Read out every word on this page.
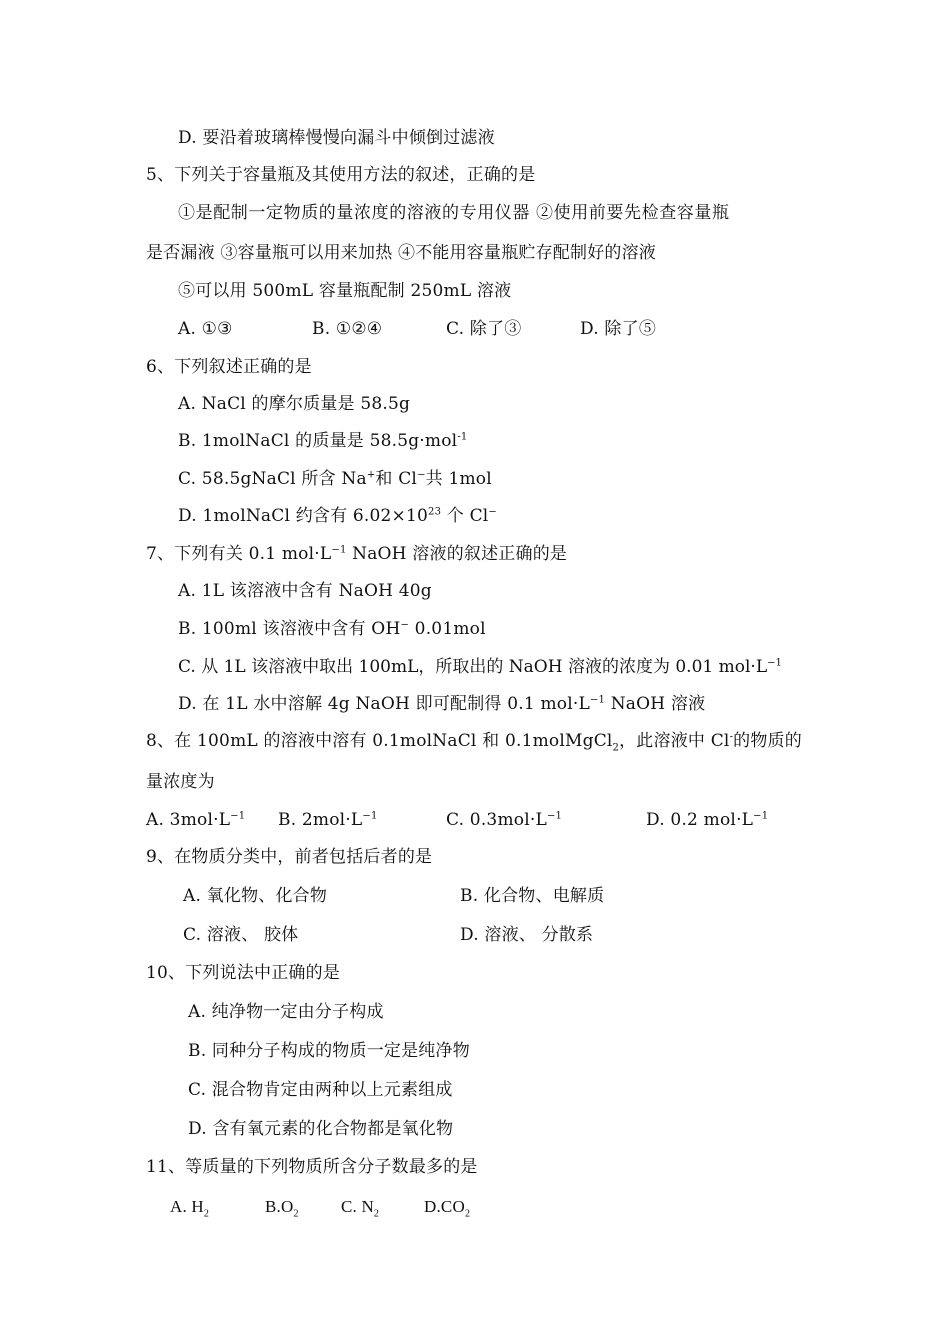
D. 要沿着玻璃棒慢慢向漏斗中倾倒过滤液
5、下列关于容量瓶及其使用方法的叙述，正确的是
①是配制一定物质的量浓度的溶液的专用仪器 ②使用前要先检查容量瓶
是否漏液 ③容量瓶可以用来加热 ④不能用容量瓶贮存配制好的溶液
⑤可以用 500mL 容量瓶配制 250mL 溶液
A. ①③	B. ①②④	C. 除了③	D. 除了⑤
6、下列叙述正确的是
A. NaCl 的摩尔质量是 58.5g
B. 1molNaCl 的质量是 58.5g·mol$^{-1}$
C. 58.5gNaCl 所含 Na+和 Cl−共 1mol
D. 1molNaCl 约含有 $6.02\times 10^{23}$ 个 Cl−
7、下列有关 0.1 $mol\cdot L^{-1}$ NaOH 溶液的叙述正确的是
A. 1L 该溶液中含有 NaOH 40g
B. 100ml 该溶液中含有 OH− 0.01mol
C. 从 1L 该溶液中取出 100mL，所取出的 NaOH 溶液的浓度为 0.01 $mol\cdot L^{-1}$
D. 在 1L 水中溶解 4g NaOH 即可配制得 0.1 $mol\cdot L^{-1}$ NaOH 溶液
8、在 100mL 的溶液中溶有 0.1molNaCl 和 0.1molMgCl$_2$，此溶液中 Cl-的物质的
量浓度为
A. $3mol\cdot L^{-1}$ B. $2mol\cdot L^{-1}$	C. $0.3mol\cdot L^{-1}$	D. 0.2 $mol\cdot L^{-1}$
9、在物质分类中，前者包括后者的是
A. 氧化物、化合物	B. 化合物、电解质
C. 溶液、 胶体	D. 溶液、 分散系
10、下列说法中正确的是
A. 纯净物一定由分子构成
B. 同种分子构成的物质一定是纯净物
C. 混合物肯定由两种以上元素组成
D. 含有氧元素的化合物都是氧化物
11、等质量的下列物质所含分子数最多的是
A. $H_2$	$B.O_2$ C. $N_2$	$D.CO_2$
